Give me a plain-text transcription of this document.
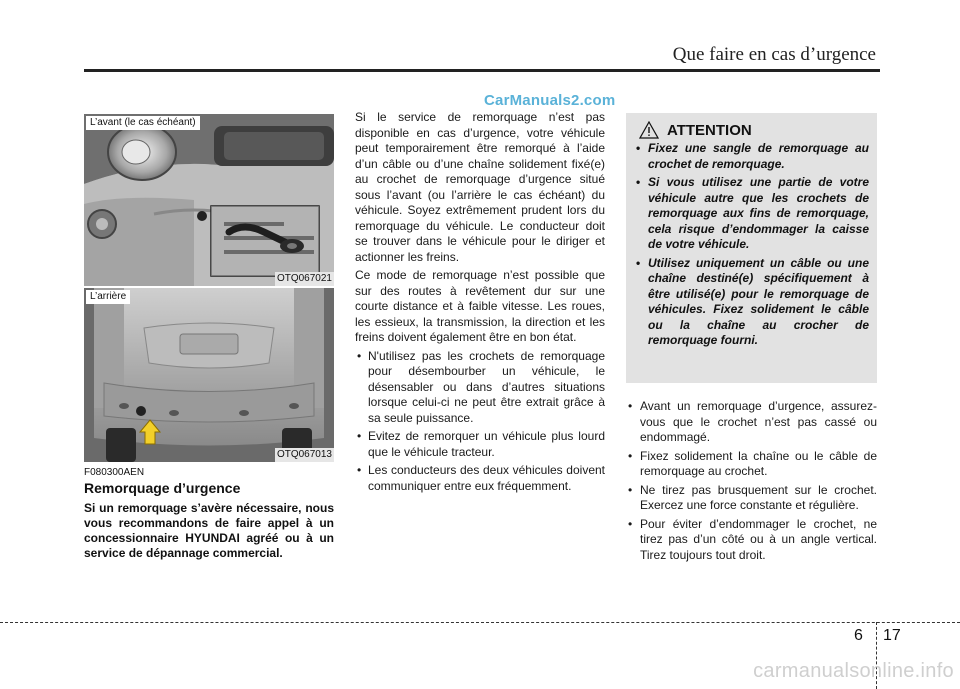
Que faire en cas d’urgence
CarManuals2.com
L’avant (le cas échéant)
OTQ067021
L’arrière
OTQ067013
F080300AEN
Remorquage d’urgence
Si un remorquage s’avère nécessaire, nous vous recommandons de faire appel à un concessionnaire HYUNDAI agréé ou à un service de dépannage commercial.

Si le service de remorquage n’est pas disponible en cas d’urgence, votre véhicule peut temporairement être remorqué à l’aide d’un câble ou d’une chaîne solidement fixé(e) au crochet de remorquage d’urgence situé sous l’avant (ou l’arrière le cas échéant) du véhicule. Soyez extrêmement prudent lors du remorquage du véhicule. Le conducteur doit se trouver dans le véhicule pour le diriger et actionner les freins.

Ce mode de remorquage n’est possible que sur des routes à revêtement dur sur une courte distance et à faible vitesse. Les roues, les essieux, la transmission, la direction et les freins doivent également être en bon état.

• N'utilisez pas les crochets de remorquage pour désembourber un véhicule, le désensabler ou dans d’autres situations lorsque celui-ci ne peut être extrait grâce à sa seule puissance.
• Evitez de remorquer un véhicule plus lourd que le véhicule tracteur.
• Les conducteurs des deux véhicules doivent communiquer entre eux fréquemment.
ATTENTION
• Fixez une sangle de remorquage au crochet de remorquage.
• Si vous utilisez une partie de votre véhicule autre que les crochets de remorquage aux fins de remorquage, cela risque d’endommager la caisse de votre véhicule.
• Utilisez uniquement un câble ou une chaîne destiné(e) spécifiquement à être utilisé(e) pour le remorquage de véhicules. Fixez solidement le câble ou la chaîne au crocher de remorquage fourni.
• Avant un remorquage d’urgence, assurez-vous que le crochet n’est pas cassé ou endommagé.
• Fixez solidement la chaîne ou le câble de remorquage au crochet.
• Ne tirez pas brusquement sur le crochet. Exercez une force constante et régulière.
• Pour éviter d’endommager le crochet, ne tirez pas d’un côté ou à un angle vertical. Tirez toujours tout droit.
6 17
carmanualsonline.info
